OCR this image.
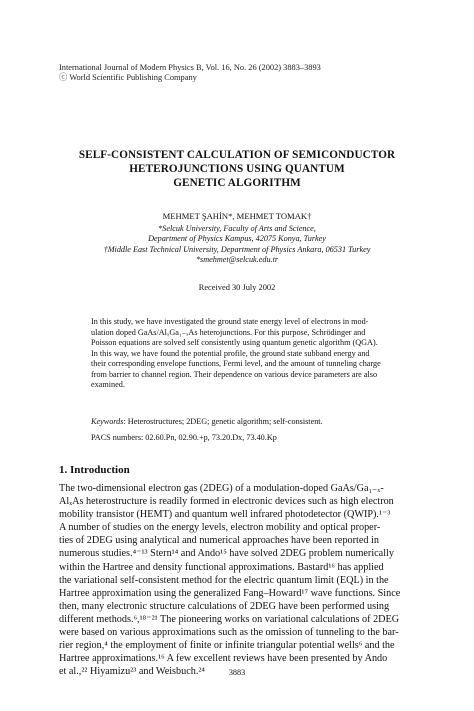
International Journal of Modern Physics B, Vol. 16, No. 26 (2002) 3883–3893
ⓒ World Scientific Publishing Company
SELF-CONSISTENT CALCULATION OF SEMICONDUCTOR
HETEROJUNCTIONS USING QUANTUM
GENETIC ALGORITHM
MEHMET ŞAHİN*, MEHMET TOMAK†
*Selcuk University, Faculty of Arts and Science,
Department of Physics Kampus, 42075 Konya, Turkey
†Middle East Technical University, Department of Physics Ankara, 06531 Turkey
*smehmet@selcuk.edu.tr
Received 30 July 2002
In this study, we have investigated the ground state energy level of electrons in mod-
ulation doped GaAs/AlₓGa₁₋ₓAs heterojunctions. For this purpose, Schrödinger and
Poisson equations are solved self consistently using quantum genetic algorithm (QGA).
In this way, we have found the potential profile, the ground state subband energy and
their corresponding envelope functions, Fermi level, and the amount of tunneling charge
from barrier to channel region. Their dependence on various device parameters are also
examined.
Keywords: Heterostructures; 2DEG; genetic algorithm; self-consistent.
PACS numbers: 02.60.Pn, 02.90.+p, 73.20.Dx, 73.40.Kp
1. Introduction
The two-dimensional electron gas (2DEG) of a modulation-doped GaAs/Ga₁₋ₓ-
AlₓAs heterostructure is readily formed in electronic devices such as high electron
mobility transistor (HEMT) and quantum well infrared photodetector (QWIP).¹⁻³
A number of studies on the energy levels, electron mobility and optical proper-
ties of 2DEG using analytical and numerical approaches have been reported in
numerous studies.⁴⁻¹³ Stern¹⁴ and Ando¹⁵ have solved 2DEG problem numerically
within the Hartree and density functional approximations. Bastard¹⁶ has applied
the variational self-consistent method for the electric quantum limit (EQL) in the
Hartree approximation using the generalized Fang–Howard¹⁷ wave functions. Since
then, many electronic structure calculations of 2DEG have been performed using
different methods.⁶,¹⁸⁻²¹ The pioneering works on variational calculations of 2DEG
were based on various approximations such as the omission of tunneling to the bar-
rier region,⁴ the employment of finite or infinite triangular potential wells⁶ and the
Hartree approximations.¹⁶ A few excellent reviews have been presented by Ando
et al.,²² Hiyamizu²³ and Weisbuch.²⁴	3883
